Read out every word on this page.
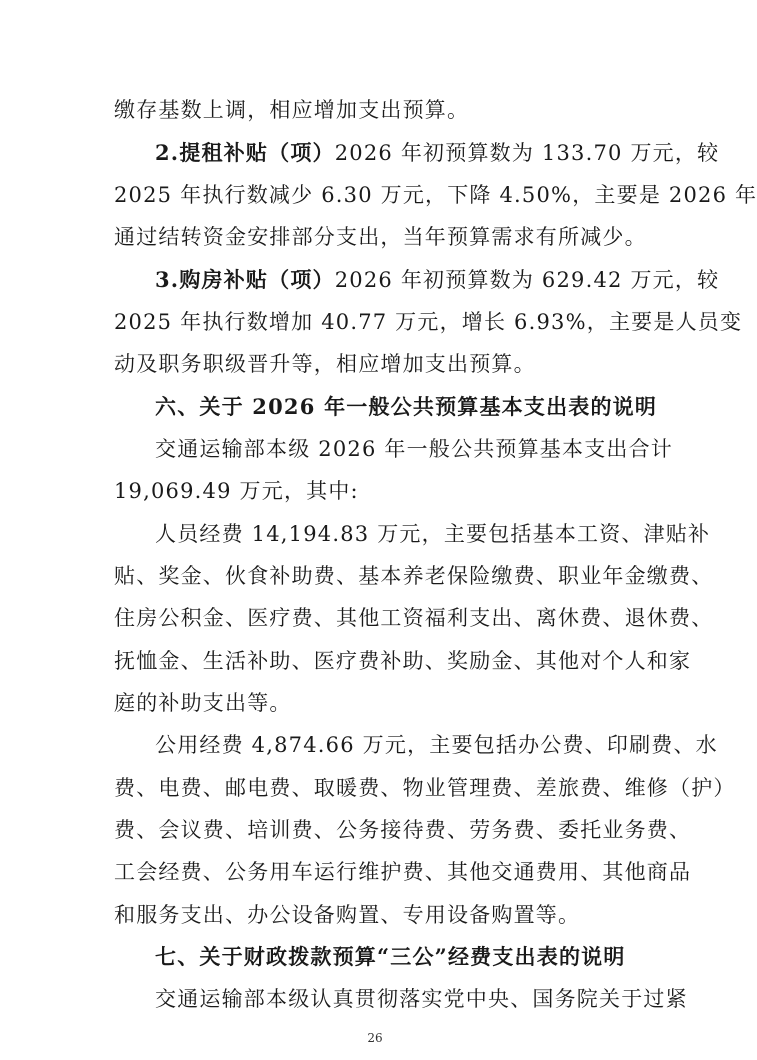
缴存基数上调，相应增加支出预算。
2.提租补贴（项）2026 年初预算数为 133.70 万元，较
2025 年执行数减少 6.30 万元，下降 4.50%，主要是 2026 年
通过结转资金安排部分支出，当年预算需求有所减少。
3.购房补贴（项）2026 年初预算数为 629.42 万元，较
2025 年执行数增加 40.77 万元，增长 6.93%，主要是人员变
动及职务职级晋升等，相应增加支出预算。
六、关于 2026 年一般公共预算基本支出表的说明
交通运输部本级 2026 年一般公共预算基本支出合计
19,069.49 万元，其中:
人员经费 14,194.83 万元，主要包括基本工资、津贴补
贴、奖金、伙食补助费、基本养老保险缴费、职业年金缴费、
住房公积金、医疗费、其他工资福利支出、离休费、退休费、
抚恤金、生活补助、医疗费补助、奖励金、其他对个人和家
庭的补助支出等。
公用经费 4,874.66 万元，主要包括办公费、印刷费、水
费、电费、邮电费、取暖费、物业管理费、差旅费、维修（护）
费、会议费、培训费、公务接待费、劳务费、委托业务费、
工会经费、公务用车运行维护费、其他交通费用、其他商品
和服务支出、办公设备购置、专用设备购置等。
七、关于财政拨款预算“三公”经费支出表的说明
交通运输部本级认真贯彻落实党中央、国务院关于过紧
26
